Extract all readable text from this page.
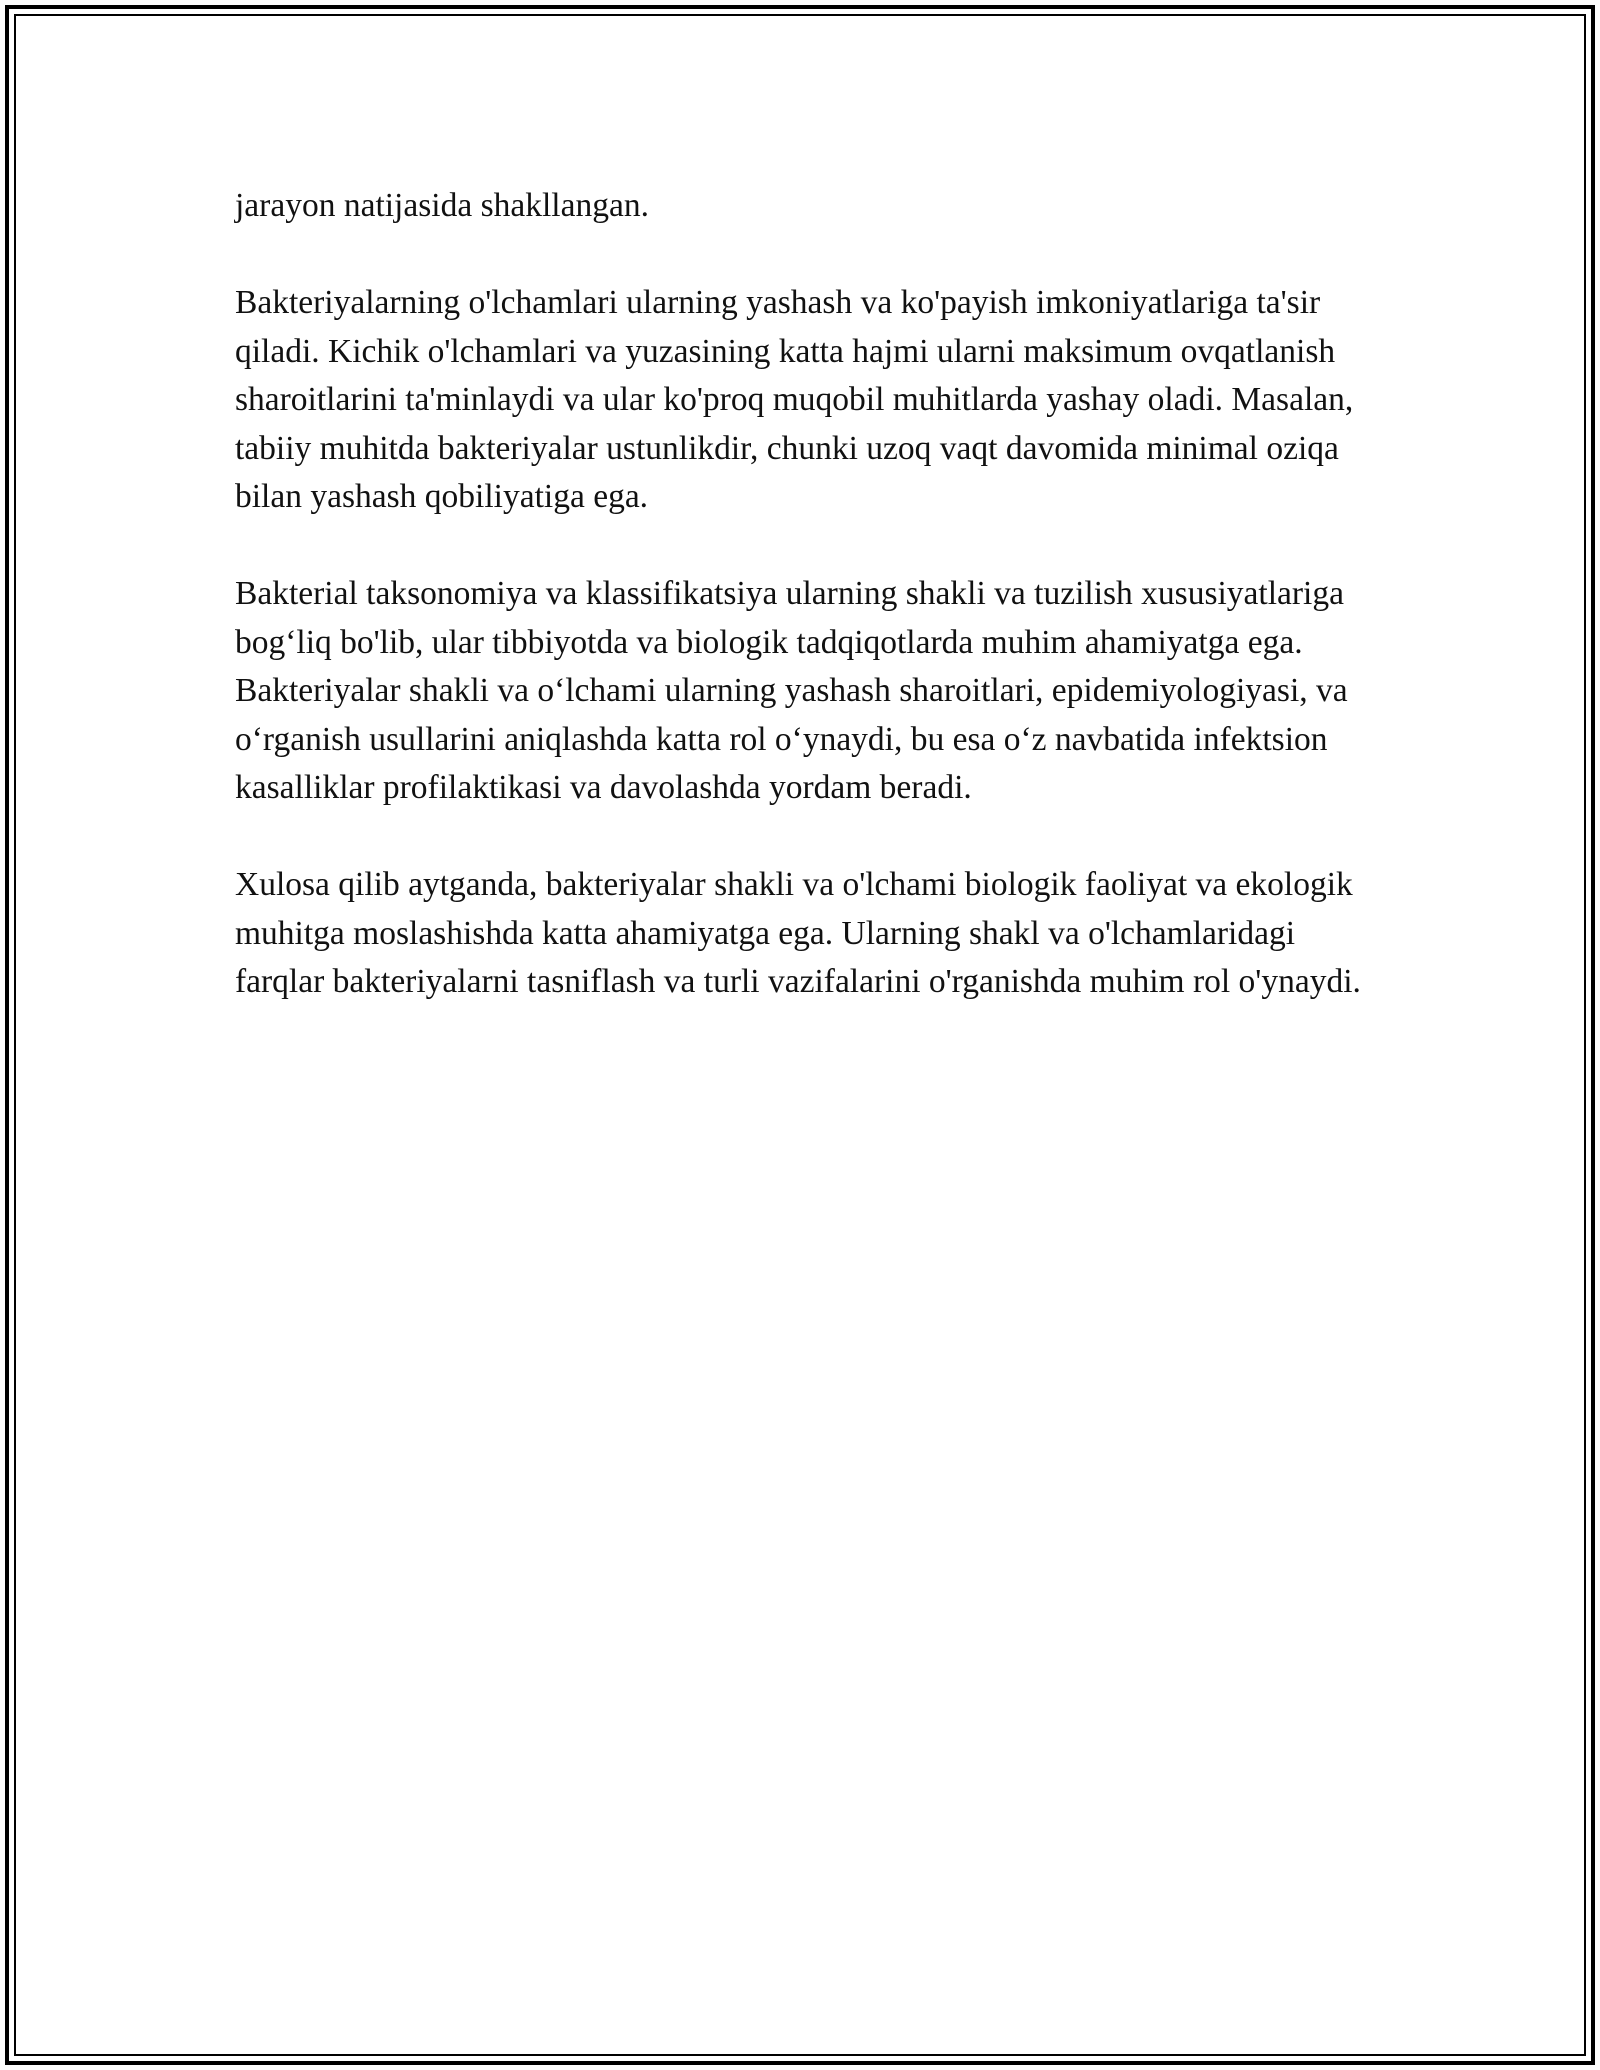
jarayon natijasida shakllangan.

Bakteriyalarning o'lchamlari ularning yashash va ko'payish imkoniyatlariga ta'sir qiladi. Kichik o'lchamlari va yuzasining katta hajmi ularni maksimum ovqatlanish sharoitlarini ta'minlaydi va ular ko'proq muqobil muhitlarda yashay oladi. Masalan, tabiiy muhitda bakteriyalar ustunlikdir, chunki uzoq vaqt davomida minimal oziqa bilan yashash qobiliyatiga ega.

Bakterial taksonomiya va klassifikatsiya ularning shakli va tuzilish xususiyatlariga bogʻliq bo'lib, ular tibbiyotda va biologik tadqiqotlarda muhim ahamiyatga ega. Bakteriyalar shakli va oʻlchami ularning yashash sharoitlari, epidemiyologiyasi, va oʻrganish usullarini aniqlashda katta rol oʻynaydi, bu esa oʻz navbatida infektsion kasalliklar profilaktikasi va davolashda yordam beradi.

Xulosa qilib aytganda, bakteriyalar shakli va o'lchami biologik faoliyat va ekologik muhitga moslashishda katta ahamiyatga ega. Ularning shakl va o'lchamlaridagi farqlar bakteriyalarni tasniflash va turli vazifalarini o'rganishda muhim rol o'ynaydi.
